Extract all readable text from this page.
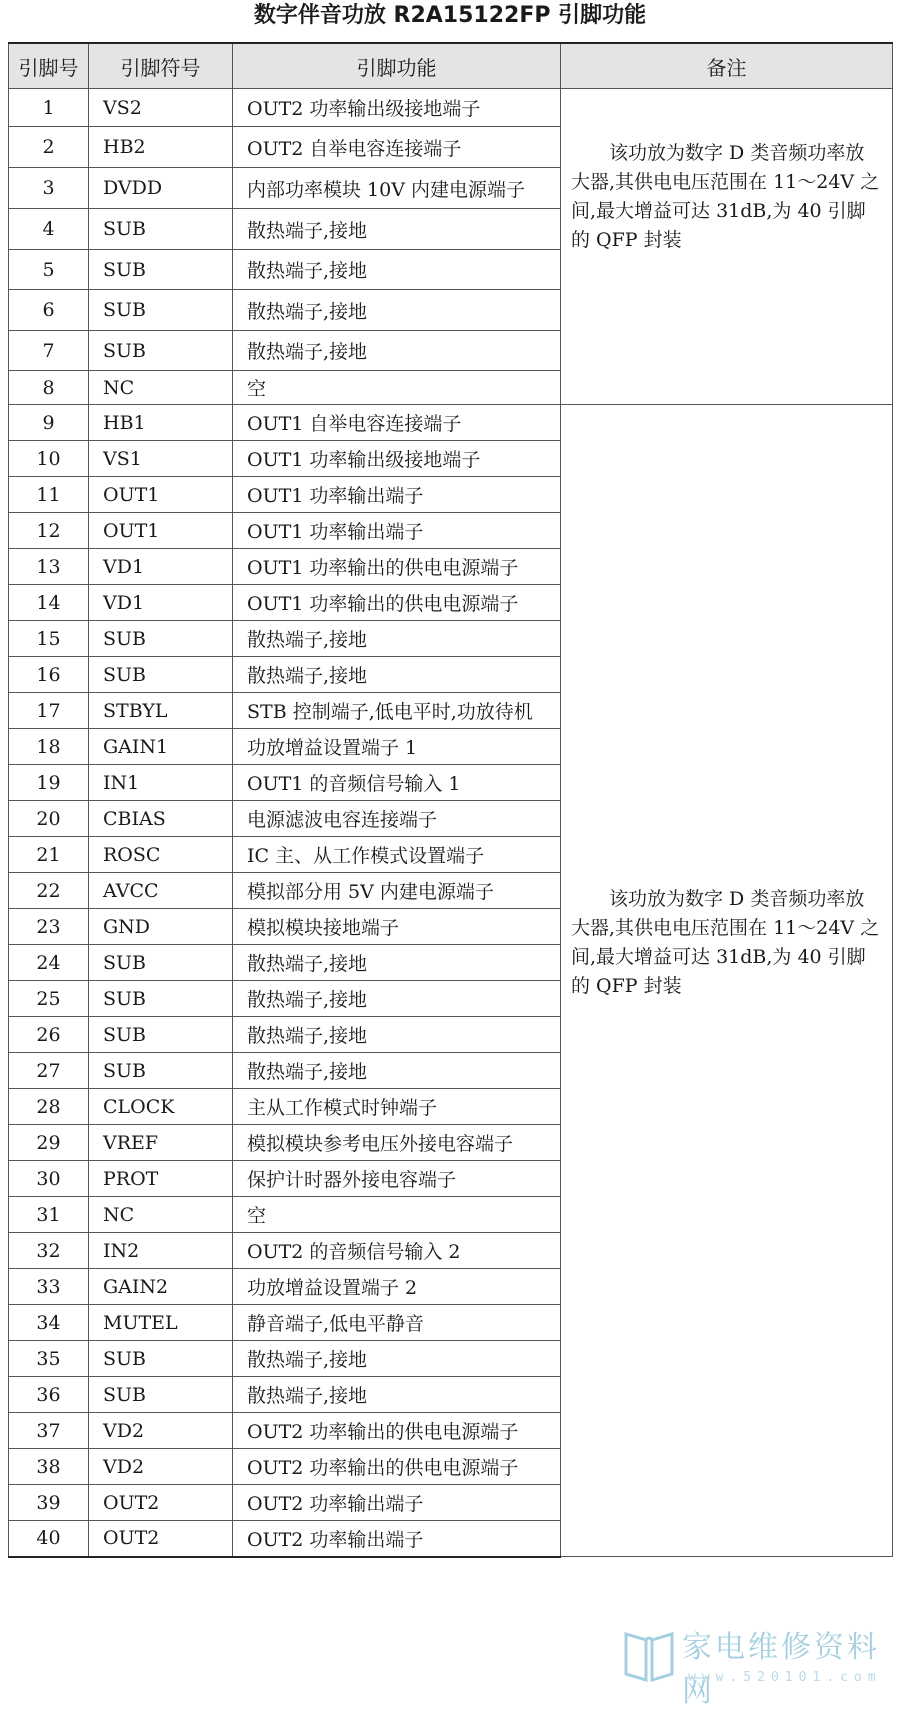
数字伴音功放 R2A15122FP 引脚功能
引脚号	引脚符号	引脚功能	备注
1	VS2	OUT2 功率输出级接地端子	该功放为数字 D 类音频功率放大器,其供电电压范围在 11～24V 之间,最大增益可达 31dB,为 40 引脚的 QFP 封装

2	HB2	OUT2 自举电容连接端子	
3	DVDD	内部功率模块 10V 内建电源端子	
4	SUB	散热端子,接地	
5	SUB	散热端子,接地	
6	SUB	散热端子,接地	
7	SUB	散热端子,接地	
8	NC	空	
9	HB1	OUT1 自举电容连接端子	该功放为数字 D 类音频功率放大器,其供电电压范围在 11～24V 之间,最大增益可达 31dB,为 40 引脚的 QFP 封装

10	VS1	OUT1 功率输出级接地端子	
11	OUT1	OUT1 功率输出端子	
12	OUT1	OUT1 功率输出端子	
13	VD1	OUT1 功率输出的供电电源端子	
14	VD1	OUT1 功率输出的供电电源端子	
15	SUB	散热端子,接地	
16	SUB	散热端子,接地	
17	STBYL	STB 控制端子,低电平时,功放待机	
18	GAIN1	功放增益设置端子 1	
19	IN1	OUT1 的音频信号输入 1	
20	CBIAS	电源滤波电容连接端子	
21	ROSC	IC 主、从工作模式设置端子	
22	AVCC	模拟部分用 5V 内建电源端子	
23	GND	模拟模块接地端子	
24	SUB	散热端子,接地	
25	SUB	散热端子,接地	
26	SUB	散热端子,接地	
27	SUB	散热端子,接地	
28	CLOCK	主从工作模式时钟端子	
29	VREF	模拟模块参考电压外接电容端子	
30	PROT	保护计时器外接电容端子	
31	NC	空	
32	IN2	OUT2 的音频信号输入 2	
33	GAIN2	功放增益设置端子 2	
34	MUTEL	静音端子,低电平静音	
35	SUB	散热端子,接地	
36	SUB	散热端子,接地	
37	VD2	OUT2 功率输出的供电电源端子	
38	VD2	OUT2 功率输出的供电电源端子	
39	OUT2	OUT2 功率输出端子	
40	OUT2	OUT2 功率输出端子	
家电维修资料网
www.520101.com
